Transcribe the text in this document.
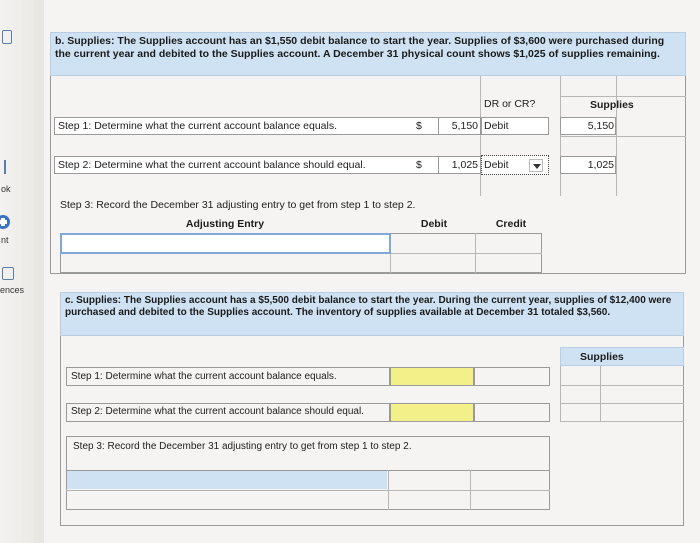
ok
nt
ences
b. Supplies: The Supplies account has an $1,550 debit balance to start the year. Supplies of $3,600 were purchased during the current year and debited to the Supplies account. A December 31 physical count shows $1,025 of supplies remaining.
DR or CR?	Supplies
Step 1: Determine what the current account balance equals.	$	5,150 Debit	5,150
Step 2: Determine what the current account balance should equal.	$	1,025 Debit	1,025
Step 3: Record the December 31 adjusting entry to get from step 1 to step 2.
Adjusting Entry	Debit	Credit
c. Supplies: The Supplies account has a $5,500 debit balance to start the year. During the current year, supplies of $12,400 were purchased and debited to the Supplies account. The inventory of supplies available at December 31 totaled $3,560.
Supplies
Step 1: Determine what the current account balance equals.
Step 2: Determine what the current account balance should equal.
Step 3: Record the December 31 adjusting entry to get from step 1 to step 2.
